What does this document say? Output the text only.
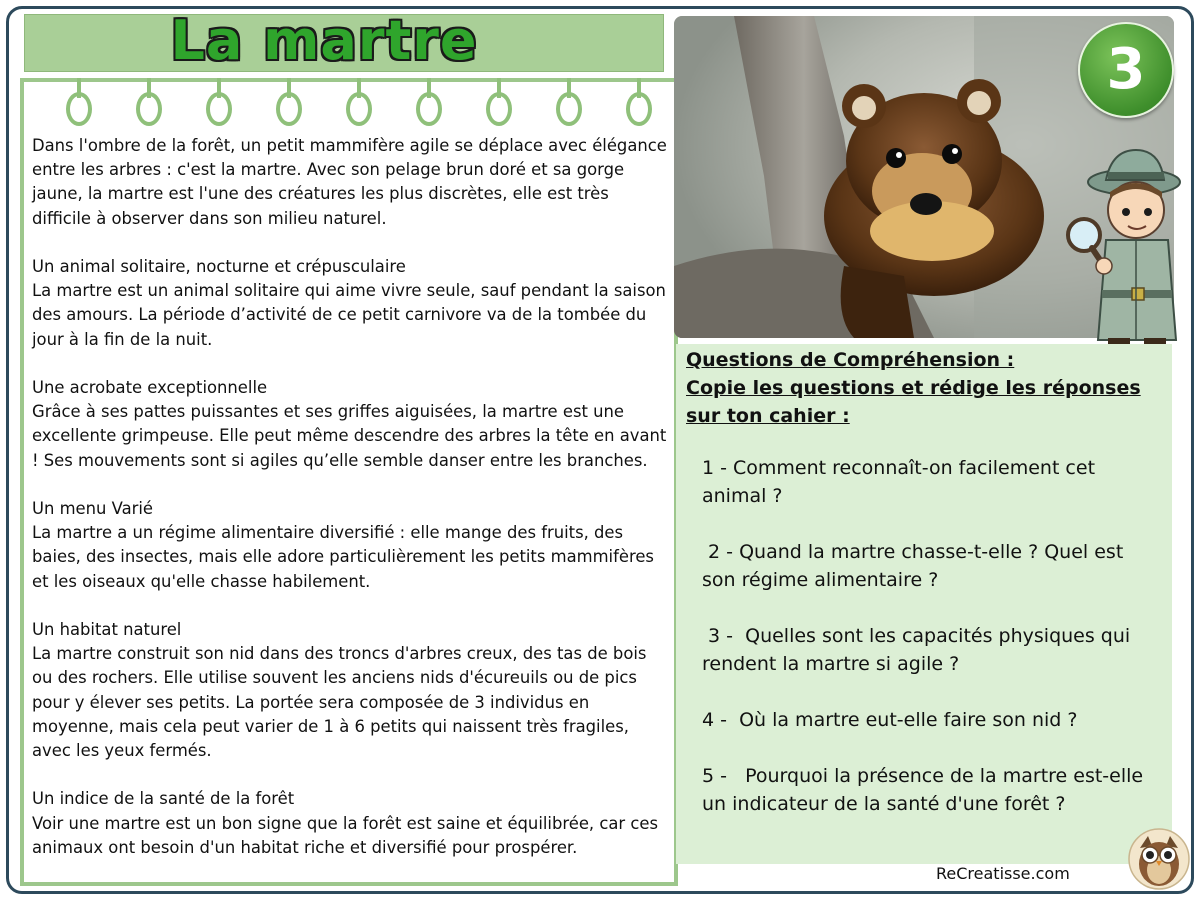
La martre

Dans l'ombre de la forêt, un petit mammifère agile se déplace avec élégance entre les arbres : c'est la martre. Avec son pelage brun doré et sa gorge jaune, la martre est l'une des créatures les plus discrètes, elle est très difficile à observer dans son milieu naturel.

Un animal solitaire, nocturne et crépusculaire
La martre est un animal solitaire qui aime vivre seule, sauf pendant la saison des amours. La période d’activité de ce petit carnivore va de la tombée du jour à la fin de la nuit.

Une acrobate exceptionnelle
Grâce à ses pattes puissantes et ses griffes aiguisées, la martre est une excellente grimpeuse. Elle peut même descendre des arbres la tête en avant ! Ses mouvements sont si agiles qu’elle semble danser entre les branches.

Un menu Varié
La martre a un régime alimentaire diversifié : elle mange des fruits, des baies, des insectes, mais elle adore particulièrement les petits mammifères et les oiseaux qu'elle chasse habilement.

Un habitat naturel
La martre construit son nid dans des troncs d'arbres creux, des tas de bois ou des rochers. Elle utilise souvent les anciens nids d'écureuils ou de pics pour y élever ses petits. La portée sera composée de 3 individus en moyenne, mais cela peut varier de 1 à 6 petits qui naissent très fragiles, avec les yeux fermés.

Un indice de la santé de la forêt
Voir une martre est un bon signe que la forêt est saine et équilibrée, car ces animaux ont besoin d'un habitat riche et diversifié pour prospérer.

3
Questions de Compréhension :
Copie les questions et rédige les réponses sur ton cahier :
1 - Comment reconnaît-on facilement cet animal ?
2 - Quand la martre chasse-t-elle ? Quel est son régime alimentaire ?
3 -  Quelles sont les capacités physiques qui rendent la martre si agile ?
4 -  Où la martre eut-elle faire son nid ?
5 -   Pourquoi la présence de la martre est-elle un indicateur de la santé d'une forêt ?
ReCreatisse.com
